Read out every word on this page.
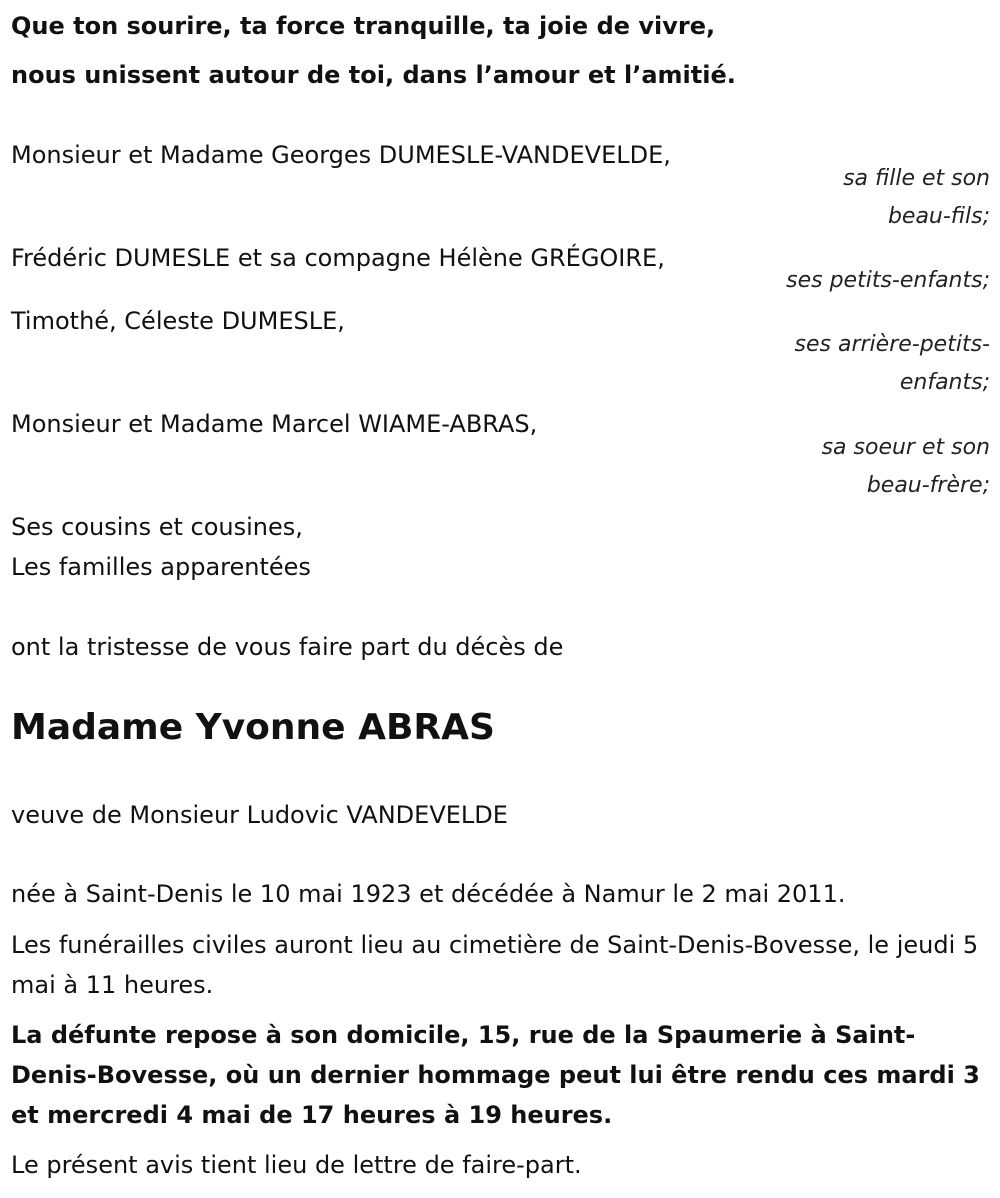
Que ton sourire, ta force tranquille, ta joie de vivre,
nous unissent autour de toi, dans l’amour et l’amitié.
Monsieur et Madame Georges DUMESLE-VANDEVELDE,
sa fille et son
beau-fils;
Frédéric DUMESLE et sa compagne Hélène GRÉGOIRE,
ses petits-enfants;
Timothé, Céleste DUMESLE,
ses arrière-petits-
enfants;
Monsieur et Madame Marcel WIAME-ABRAS,
sa soeur et son
beau-frère;
Ses cousins et cousines,
Les familles apparentées
ont la tristesse de vous faire part du décès de
Madame Yvonne ABRAS
veuve de Monsieur Ludovic VANDEVELDE
née à Saint-Denis le 10 mai 1923 et décédée à Namur le 2 mai 2011.
Les funérailles civiles auront lieu au cimetière de Saint-Denis-Bovesse, le jeudi 5 mai à 11 heures.
La défunte repose à son domicile, 15, rue de la Spaumerie à Saint-Denis-Bovesse, où un dernier hommage peut lui être rendu ces mardi 3 et mercredi 4 mai de 17 heures à 19 heures.
Le présent avis tient lieu de lettre de faire-part.
